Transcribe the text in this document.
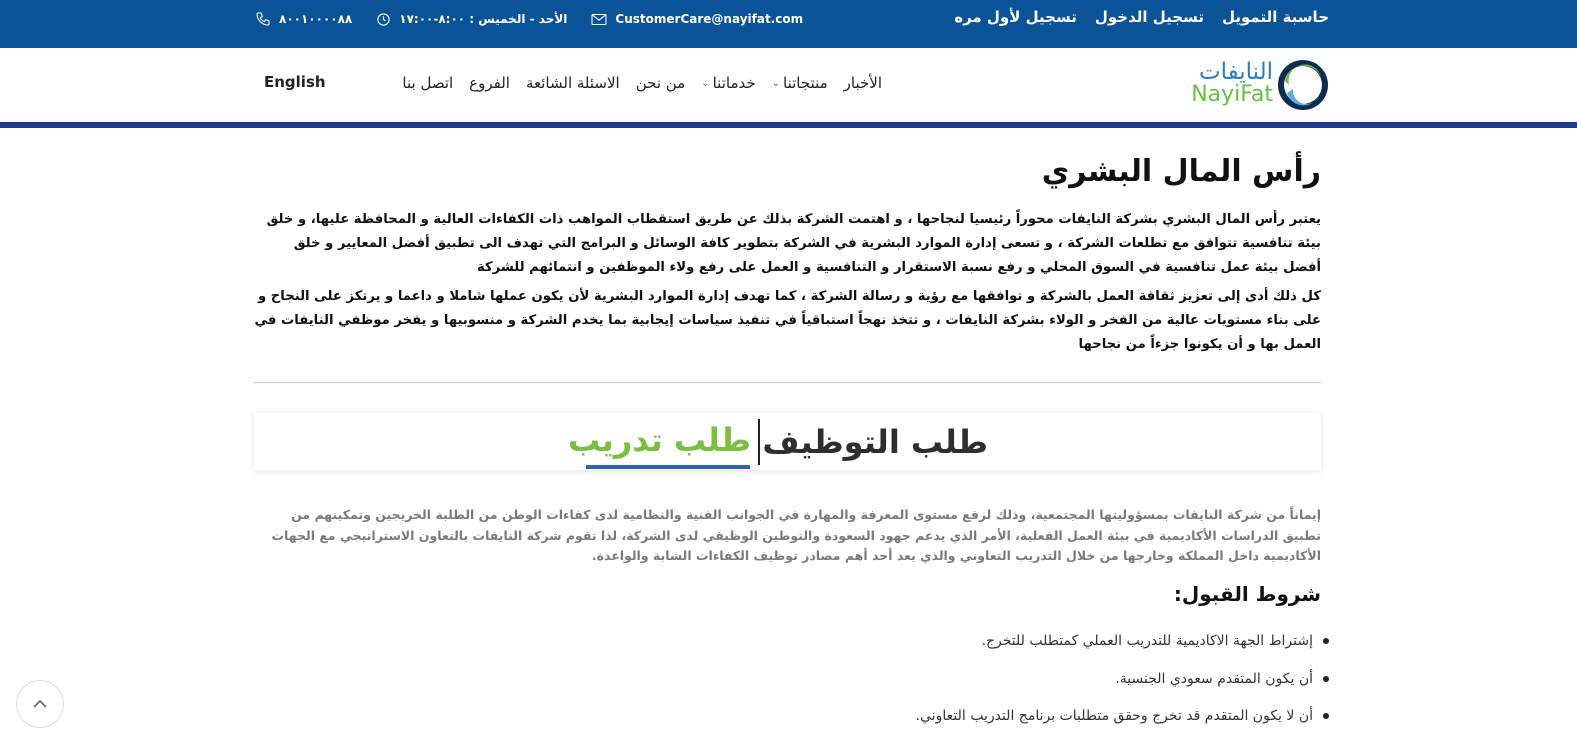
حاسبة التمويل
تسجيل الدخول
تسجيل لأول مره
٨٠٠١٠٠٠٠٨٨	الأحد - الخميس : ٨:٠٠-١٧:٠٠	CustomerCare@nayifat.com
النايفات
NayiFat
الأخبار
منتجاتنا
⌄
خدماتنا
⌄
من نحن
الاسئلة الشائعة
الفروع
اتصل بنا
English
رأس المال البشري

يعتبر رأس المال البشري بشركة النايفات محوراً رئيسيا لنجاحها ، و اهتمت الشركة بذلك عن طريق استقطاب المواهب ذات الكفاءات العالية و المحافظة عليها، و خلق بيئة تنافسية تتوافق مع تطلعات الشركة ، و تسعى إدارة الموارد البشرية في الشركة بتطوير كافة الوسائل و البرامج التي تهدف الى تطبيق أفضل المعايير و خلق أفضل بيئة عمل تنافسية في السوق المحلي و رفع نسبة الاستقرار و التنافسية و العمل على رفع ولاء الموظفين و انتمائهم للشركة

كل ذلك أدى إلى تعزيز ثقافة العمل بالشركة و توافقها مع رؤية و رسالة الشركة ، كما تهدف إدارة الموارد البشرية لأن يكون عملها شاملا و داعما و يرتكز على النجاح و على بناء مستويات عالية من الفخر و الولاء بشركة النايفات ، و تتخذ نهجاً استباقياً في تنفيذ سياسات إيجابية بما يخدم الشركة و منسوبيها و يفخر موظفي النايفات في العمل بها و أن يكونوا جزءاً من نجاحها

طلب التوظيف
طلب تدريب

إيماناً من شركة النايفات بمسؤوليتها المجتمعية، وذلك لرفع مستوى المعرفة والمهارة في الجوانب الفنية والنظامية لدى كفاءات الوطن من الطلبة الخريجين وتمكينهم من تطبيق الدراسات الأكاديمية في بيئة العمل الفعلية، الأمر الذي يدعم جهود السعودة والتوطين الوظيفي لدى الشركة، لذا تقوم شركة النايفات بالتعاون الاستراتيجي مع الجهات الأكاديمية داخل المملكة وخارجها من خلال التدريب التعاوني والذي يعد أحد أهم مصادر توظيف الكفاءات الشابة والواعدة.

شروط القبول:
إشتراط الجهة الاكاديمية للتدريب العملي كمتطلب للتخرج.
أن يكون المتقدم سعودي الجنسية.
أن لا يكون المتقدم قد تخرج وحقق متطلبات برنامج التدريب التعاوني.
